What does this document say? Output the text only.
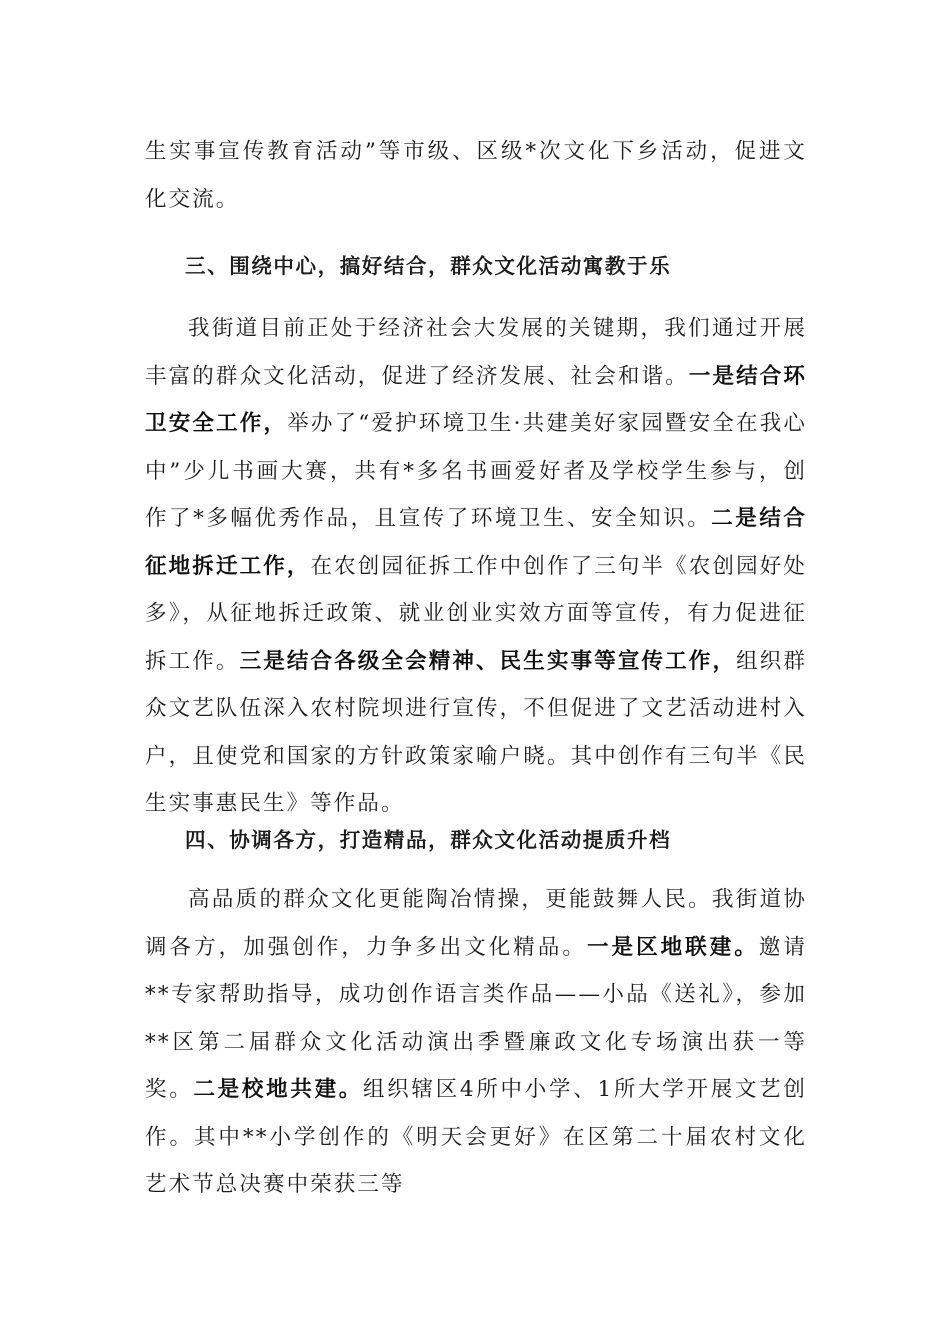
生实事宣传教育活动”等市级、区级*次文化下乡活动，促进文化交流。

三、围绕中心，搞好结合，群众文化活动寓教于乐

我街道目前正处于经济社会大发展的关键期，我们通过开展丰富的群众文化活动，促进了经济发展、社会和谐。一是结合环卫安全工作，举办了“爱护环境卫生·共建美好家园暨安全在我心中”少儿书画大赛，共有*多名书画爱好者及学校学生参与，创作了*多幅优秀作品，且宣传了环境卫生、安全知识。二是结合征地拆迁工作，在农创园征拆工作中创作了三句半《农创园好处多》，从征地拆迁政策、就业创业实效方面等宣传，有力促进征拆工作。三是结合各级全会精神、民生实事等宣传工作，组织群众文艺队伍深入农村院坝进行宣传，不但促进了文艺活动进村入户，且使党和国家的方针政策家喻户晓。其中创作有三句半《民生实事惠民生》等作品。

四、协调各方，打造精品，群众文化活动提质升档

高品质的群众文化更能陶冶情操，更能鼓舞人民。我街道协调各方，加强创作，力争多出文化精品。一是区地联建。邀请**专家帮助指导，成功创作语言类作品——小品《送礼》，参加**区第二届群众文化活动演出季暨廉政文化专场演出获一等奖。二是校地共建。组织辖区4所中小学、1所大学开展文艺创作。其中**小学创作的《明天会更好》在区第二十届农村文化艺术节总决赛中荣获三等
